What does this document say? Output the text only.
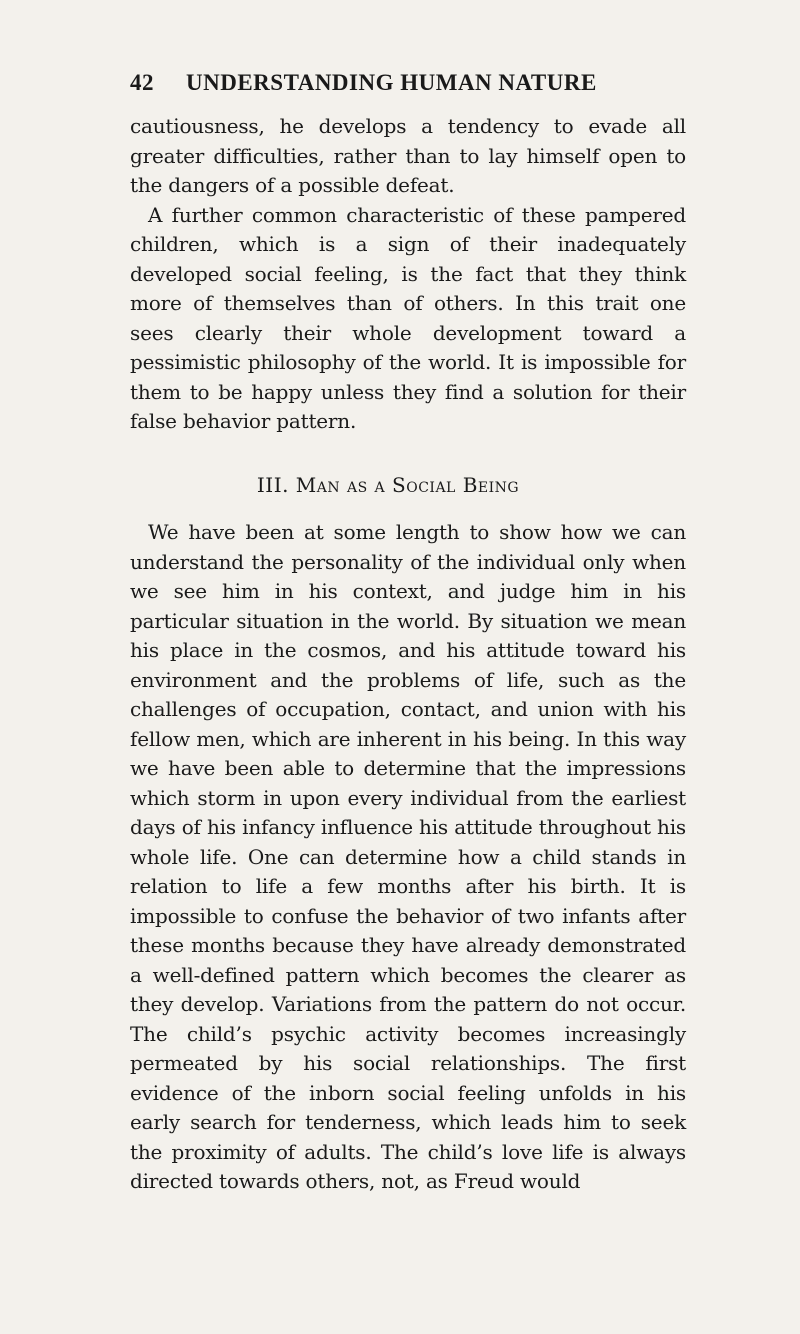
42	UNDERSTANDING HUMAN NATURE

cautiousness, he develops a tendency to evade all greater difficulties, rather than to lay himself open to the dangers of a possible defeat.

A further common characteristic of these pampered children, which is a sign of their inadequately developed social feeling, is the fact that they think more of themselves than of others. In this trait one sees clearly their whole development toward a pessimistic philosophy of the world. It is impossible for them to be happy unless they find a solution for their false behavior pattern.

III. Man as a Social Being

We have been at some length to show how we can understand the personality of the individual only when we see him in his context, and judge him in his particular situation in the world. By situation we mean his place in the cosmos, and his attitude toward his environment and the problems of life, such as the challenges of occupation, contact, and union with his fellow men, which are inherent in his being. In this way we have been able to determine that the impressions which storm in upon every individual from the earliest days of his infancy influence his attitude throughout his whole life. One can determine how a child stands in relation to life a few months after his birth. It is impossible to confuse the behavior of two infants after these months because they have already demonstrated a well-defined pattern which becomes the clearer as they develop. Variations from the pattern do not occur. The child’s psychic activity becomes increasingly permeated by his social relationships. The first evidence of the inborn social feeling unfolds in his early search for tenderness, which leads him to seek the proximity of adults. The child’s love life is always directed towards others, not, as Freud would
